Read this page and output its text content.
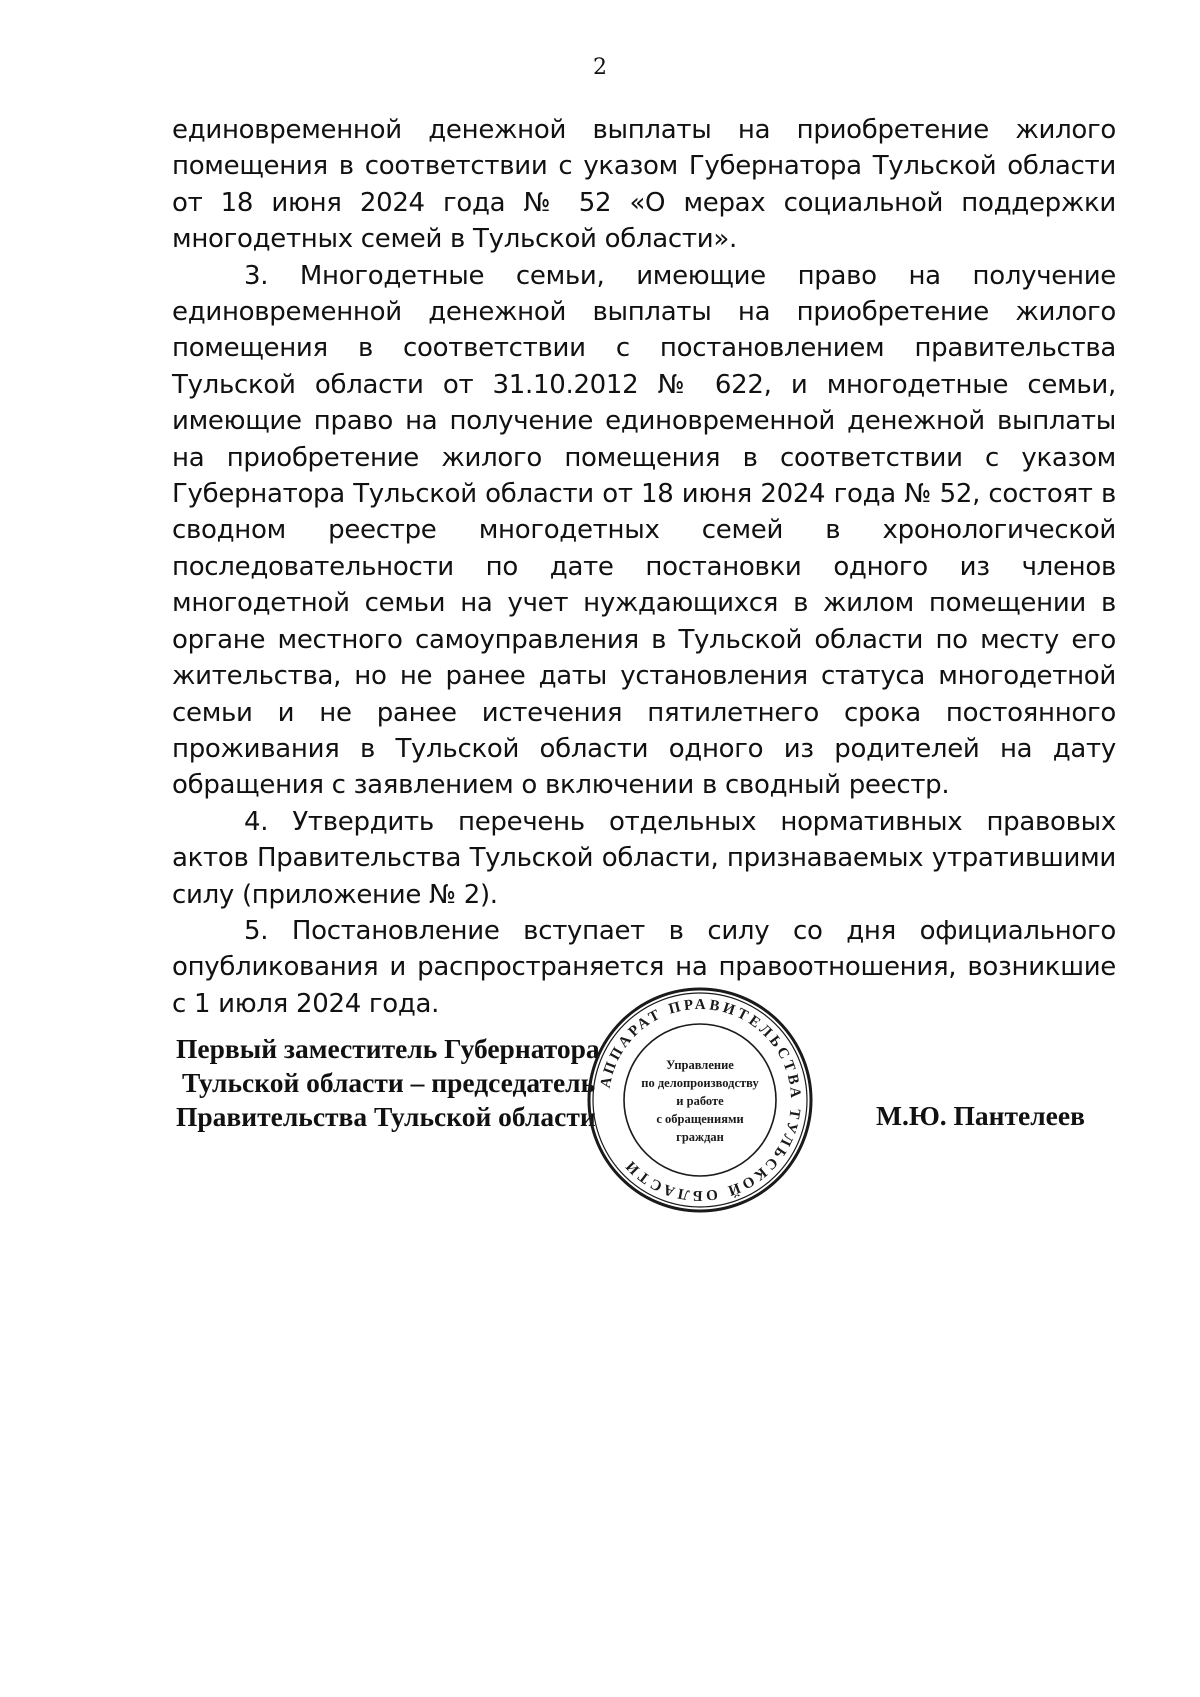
2

единовременной денежной выплаты на приобретение жилого помещения в соответствии с указом Губернатора Тульской области от 18 июня 2024 года № 52 «О мерах социальной поддержки многодетных семей в Тульской области».

3. Многодетные семьи, имеющие право на получение единовременной денежной выплаты на приобретение жилого помещения в соответствии с постановлением правительства Тульской области от 31.10.2012 № 622, и многодетные семьи, имеющие право на получение единовременной денежной выплаты на приобретение жилого помещения в соответствии с указом Губернатора Тульской области от 18 июня 2024 года № 52, состоят в сводном реестре многодетных семей в хронологической последовательности по дате постановки одного из членов многодетной семьи на учет нуждающихся в жилом помещении в органе местного самоуправления в Тульской области по месту его жительства, но не ранее даты установления статуса многодетной семьи и не ранее истечения пятилетнего срока постоянного проживания в Тульской области одного из родителей на дату обращения с заявлением о включении в сводный реестр.

4. Утвердить перечень отдельных нормативных правовых актов Правительства Тульской области, признаваемых утратившими силу (приложение № 2).

5. Постановление вступает в силу со дня официального опубликования и распространяется на правоотношения, возникшие с 1 июля 2024 года.

Первый заместитель Губернатора
Тульской области – председатель
Правительства Тульской области	М.Ю. Пантелеев
АППАРАТ ПРАВИТЕЛЬСТВА ТУЛЬСКОЙ ОБЛАСТИ
Управление
по делопроизводству
и работе
с обращениями
граждан
